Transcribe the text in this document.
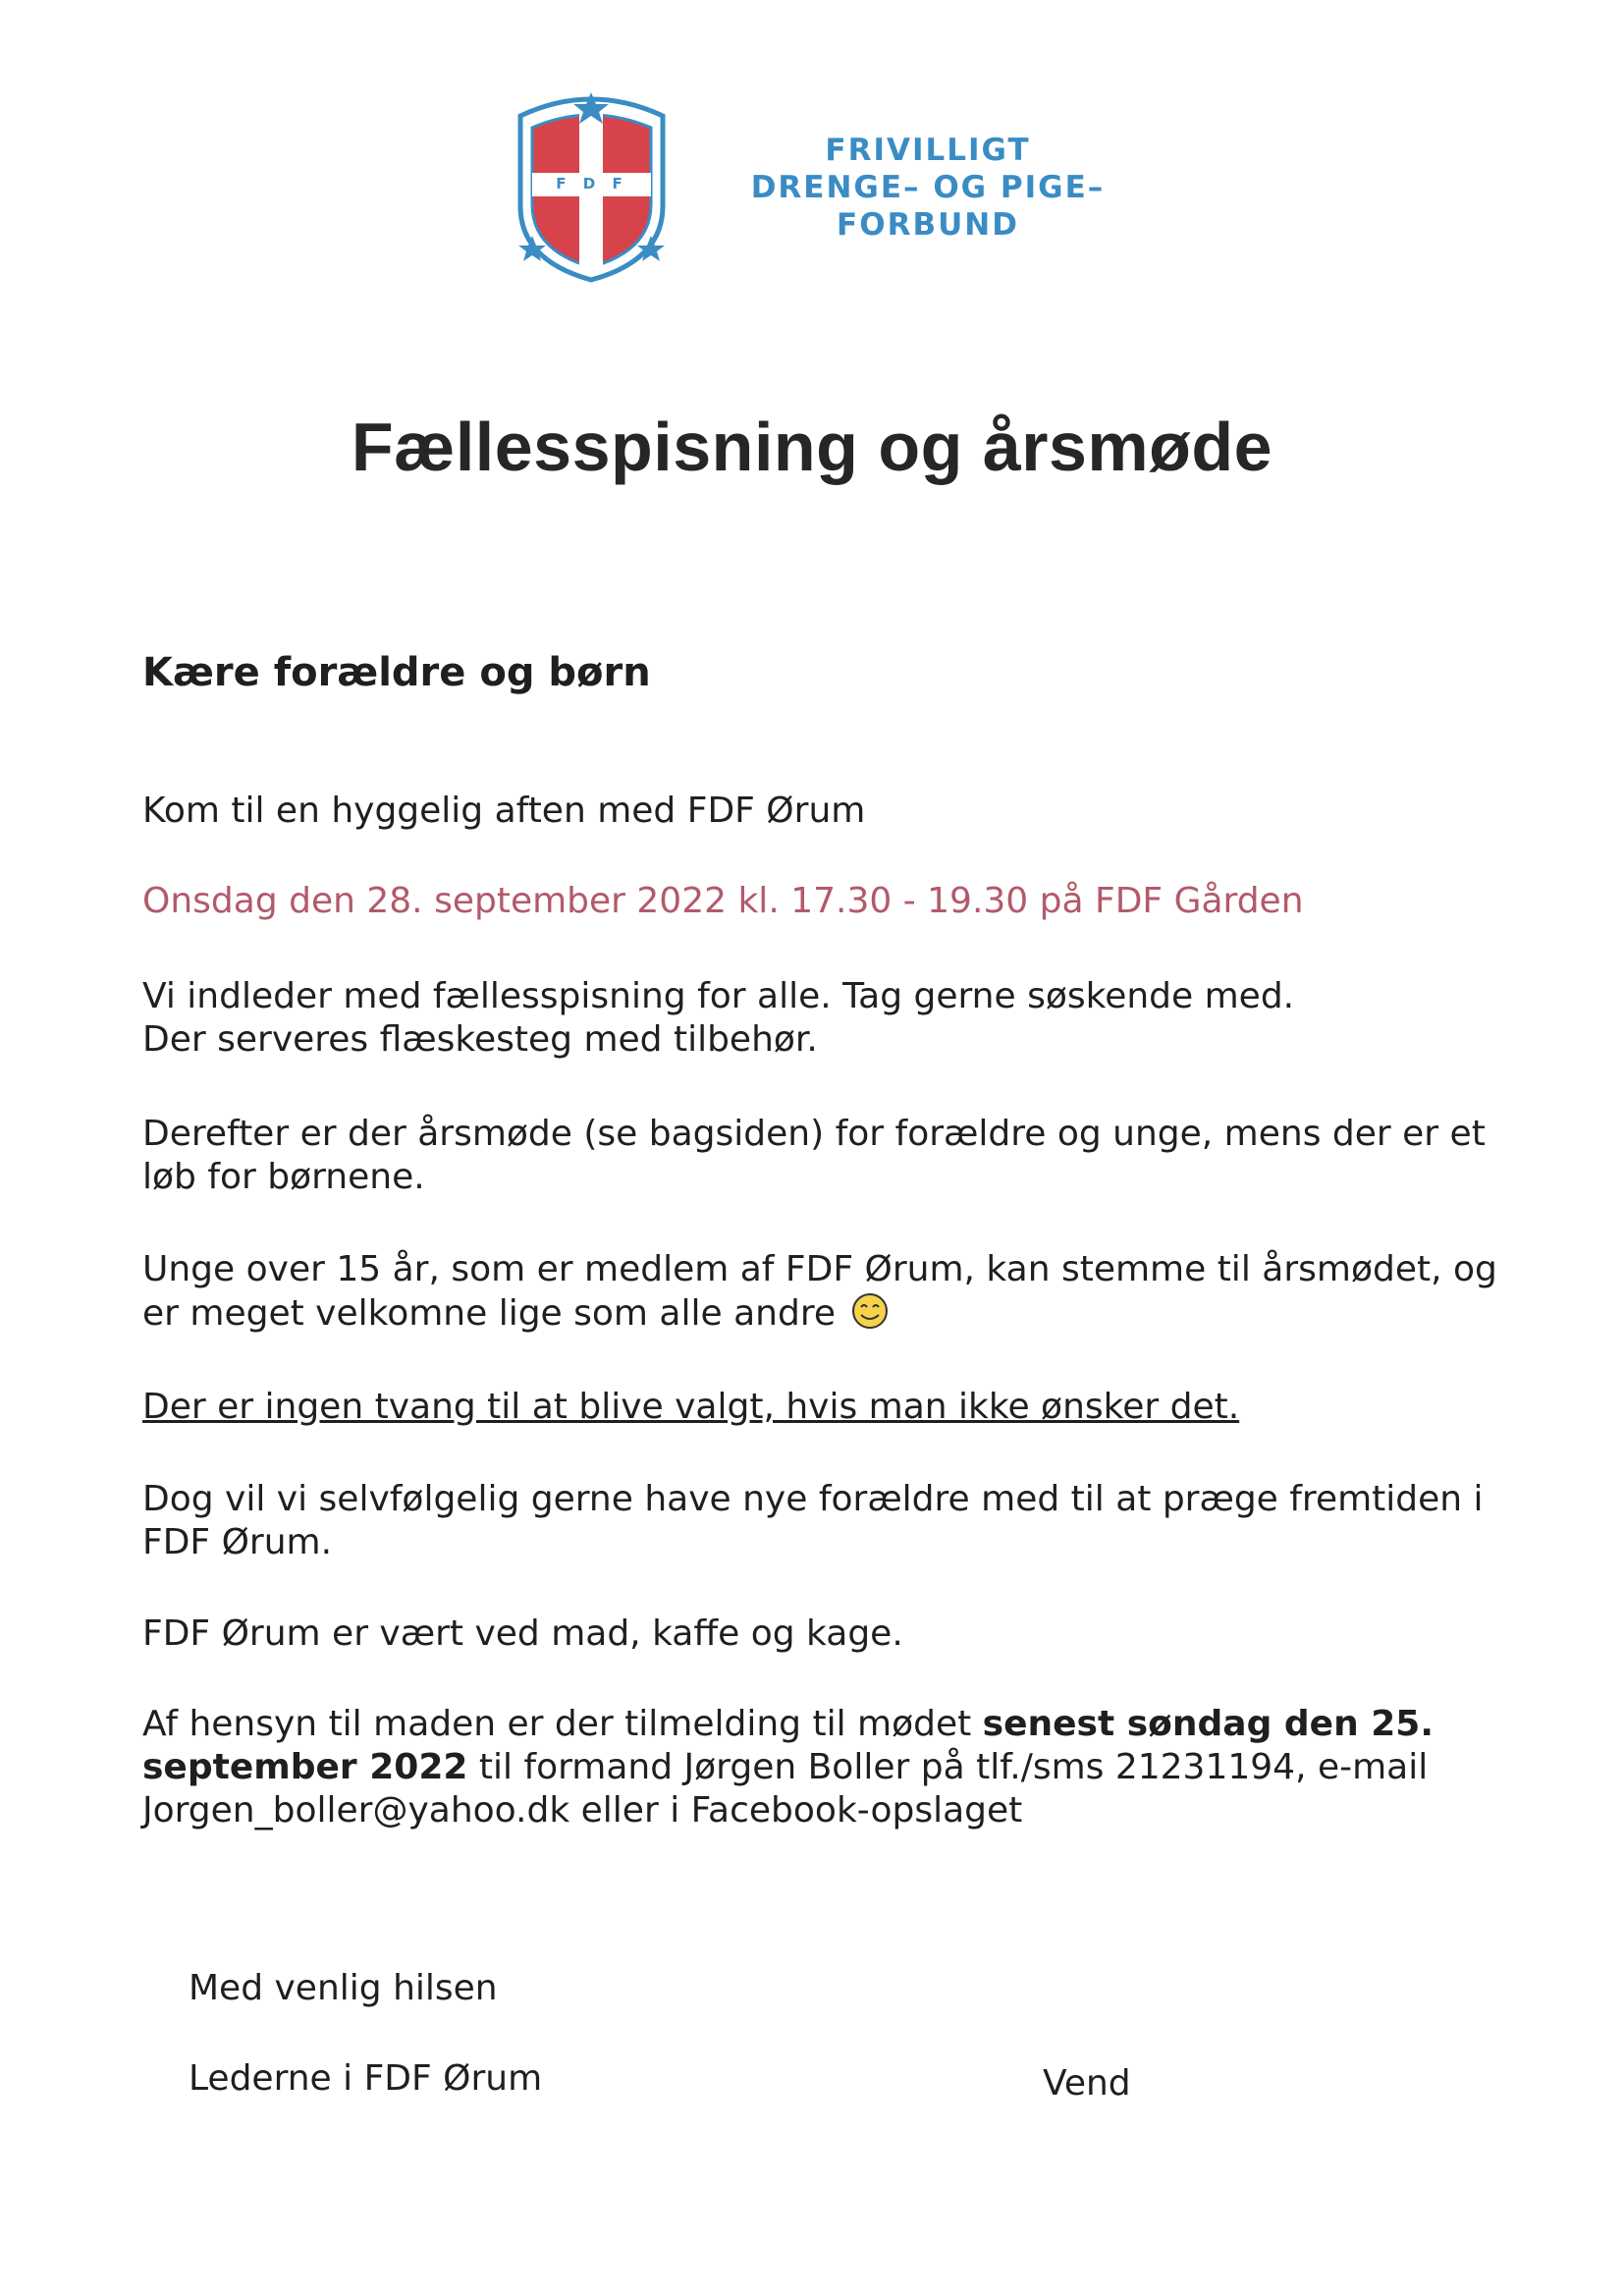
F D F
FRIVILLIGT
DRENGE– OG PIGE–
FORBUND
Fællesspisning og årsmøde
Kære forældre og børn
Kom til en hyggelig aften med FDF Ørum
Onsdag den 28. september 2022 kl. 17.30 - 19.30 på FDF Gården
Vi indleder med fællesspisning for alle. Tag gerne søskende med.
Der serveres flæskesteg med tilbehør.
Derefter er der årsmøde (se bagsiden) for forældre og unge, mens der er et løb for børnene.
Unge over 15 år, som er medlem af FDF Ørum, kan stemme til årsmødet, og er meget velkomne lige som alle andre
Der er ingen tvang til at blive valgt, hvis man ikke ønsker det.
Dog vil vi selvfølgelig gerne have nye forældre med til at præge fremtiden i FDF Ørum.
FDF Ørum er vært ved mad, kaffe og kage.
Af hensyn til maden er der tilmelding til mødet senest søndag den 25. september 2022 til formand Jørgen Boller på tlf./sms 21231194, e-mail Jorgen_boller@yahoo.dk eller i Facebook-opslaget
Med venlig hilsen
Lederne i FDF Ørum	Vend
